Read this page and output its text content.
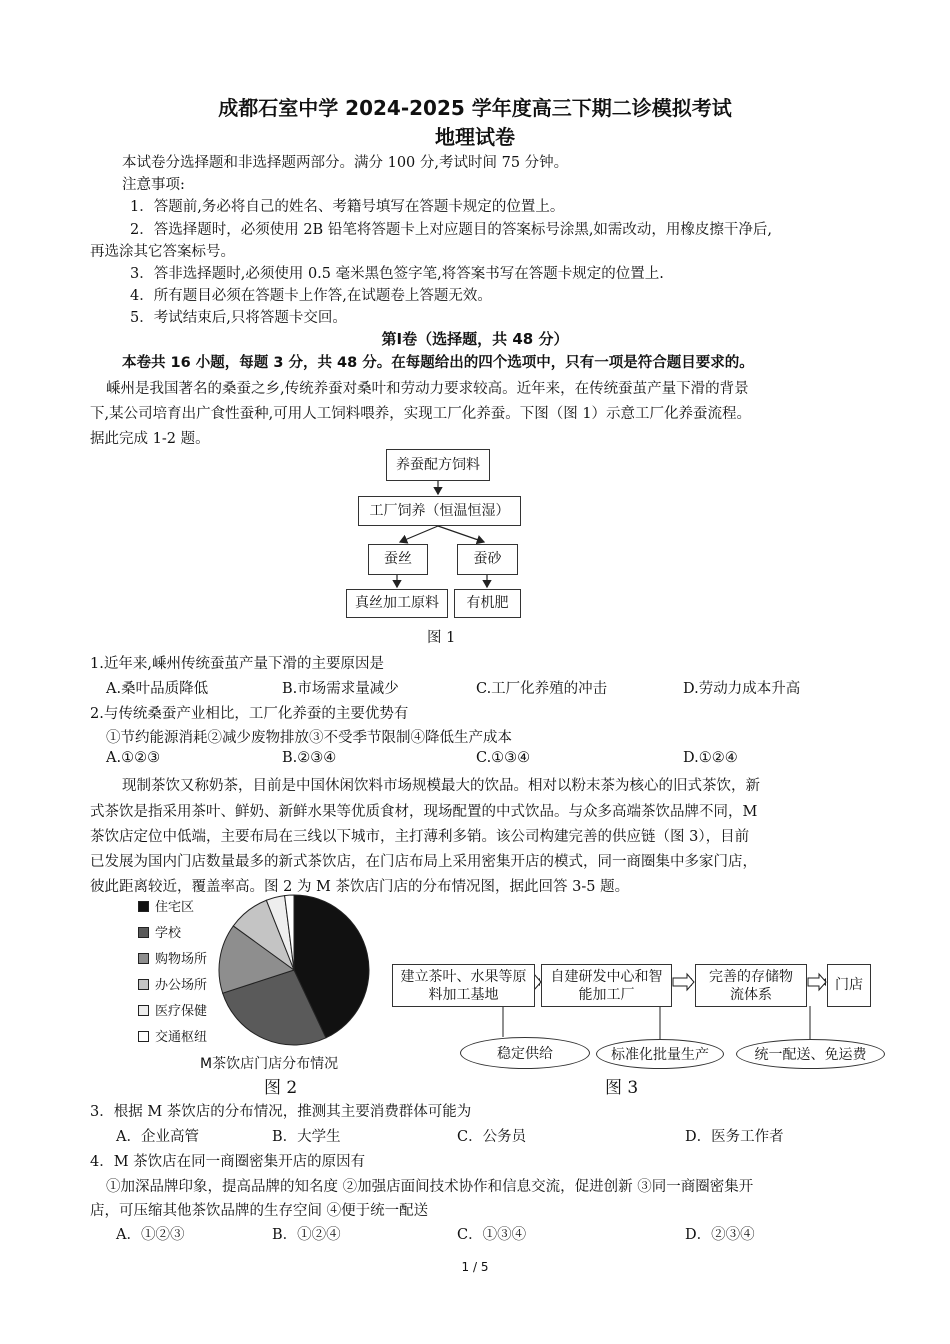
成都石室中学 2024-2025 学年度高三下期二诊模拟考试
地理试卷
本试卷分选择题和非选择题两部分。满分 100 分,考试时间 75 分钟。
注意事项:
1．答题前,务必将自己的姓名、考籍号填写在答题卡规定的位置上。
2．答选择题时，必须使用 2B 铅笔将答题卡上对应题目的答案标号涂黑,如需改动，用橡皮擦干净后,
再选涂其它答案标号。
3．答非选择题时,必须使用 0.5 毫米黑色签字笔,将答案书写在答题卡规定的位置上.
4．所有题目必须在答题卡上作答,在试题卷上答题无效。
5．考试结束后,只将答题卡交回。
第Ⅰ卷（选择题，共 48 分）
本卷共 16 小题，每题 3 分，共 48 分。在每题给出的四个选项中，只有一项是符合题目要求的。
嵊州是我国著名的桑蚕之乡,传统养蚕对桑叶和劳动力要求较高。近年来，在传统蚕茧产量下滑的背景
下,某公司培育出广食性蚕种,可用人工饲料喂养，实现工厂化养蚕。下图（图 1）示意工厂化养蚕流程。
据此完成 1-2 题。
养蚕配方饲料
工厂饲养（恒温恒湿）
蚕丝	蚕砂
真丝加工原料	有机肥
图 1
1.近年来,嵊州传统蚕茧产量下滑的主要原因是
A.桑叶品质降低	B.市场需求量减少	C.工厂化养殖的冲击	D.劳动力成本升高
2.与传统桑蚕产业相比，工厂化养蚕的主要优势有
①节约能源消耗②减少废物排放③不受季节限制④降低生产成本
A.①②③	B.②③④	C.①③④	D.①②④
现制茶饮又称奶茶，目前是中国休闲饮料市场规模最大的饮品。相对以粉末茶为核心的旧式茶饮，新
式茶饮是指采用茶叶、鲜奶、新鲜水果等优质食材，现场配置的中式饮品。与众多高端茶饮品牌不同，M
茶饮店定位中低端，主要布局在三线以下城市，主打薄利多销。该公司构建完善的供应链（图 3），目前
已发展为国内门店数量最多的新式茶饮店，在门店布局上采用密集开店的模式，同一商圈集中多家门店，
彼此距离较近，覆盖率高。图 2 为 M 茶饮店门店的分布情况图，据此回答 3-5 题。
住宅区
学校
购物场所
办公场所
医疗保健
交通枢纽
M茶饮店门店分布情况
图 2
建立茶叶、水果等原料加工基地
自建研发中心和智能加工厂
完善的存储物流体系
门店
稳定供给	标准化批量生产	统一配送、免运费
图 3
3．根据 M 茶饮店的分布情况，推测其主要消费群体可能为
A．企业高管	B．大学生	C．公务员	D．医务工作者
4．M 茶饮店在同一商圈密集开店的原因有
①加深品牌印象，提高品牌的知名度 ②加强店面间技术协作和信息交流，促进创新 ③同一商圈密集开
店，可压缩其他茶饮品牌的生存空间 ④便于统一配送
A．①②③	B．①②④	C．①③④	D．②③④
1 / 5
